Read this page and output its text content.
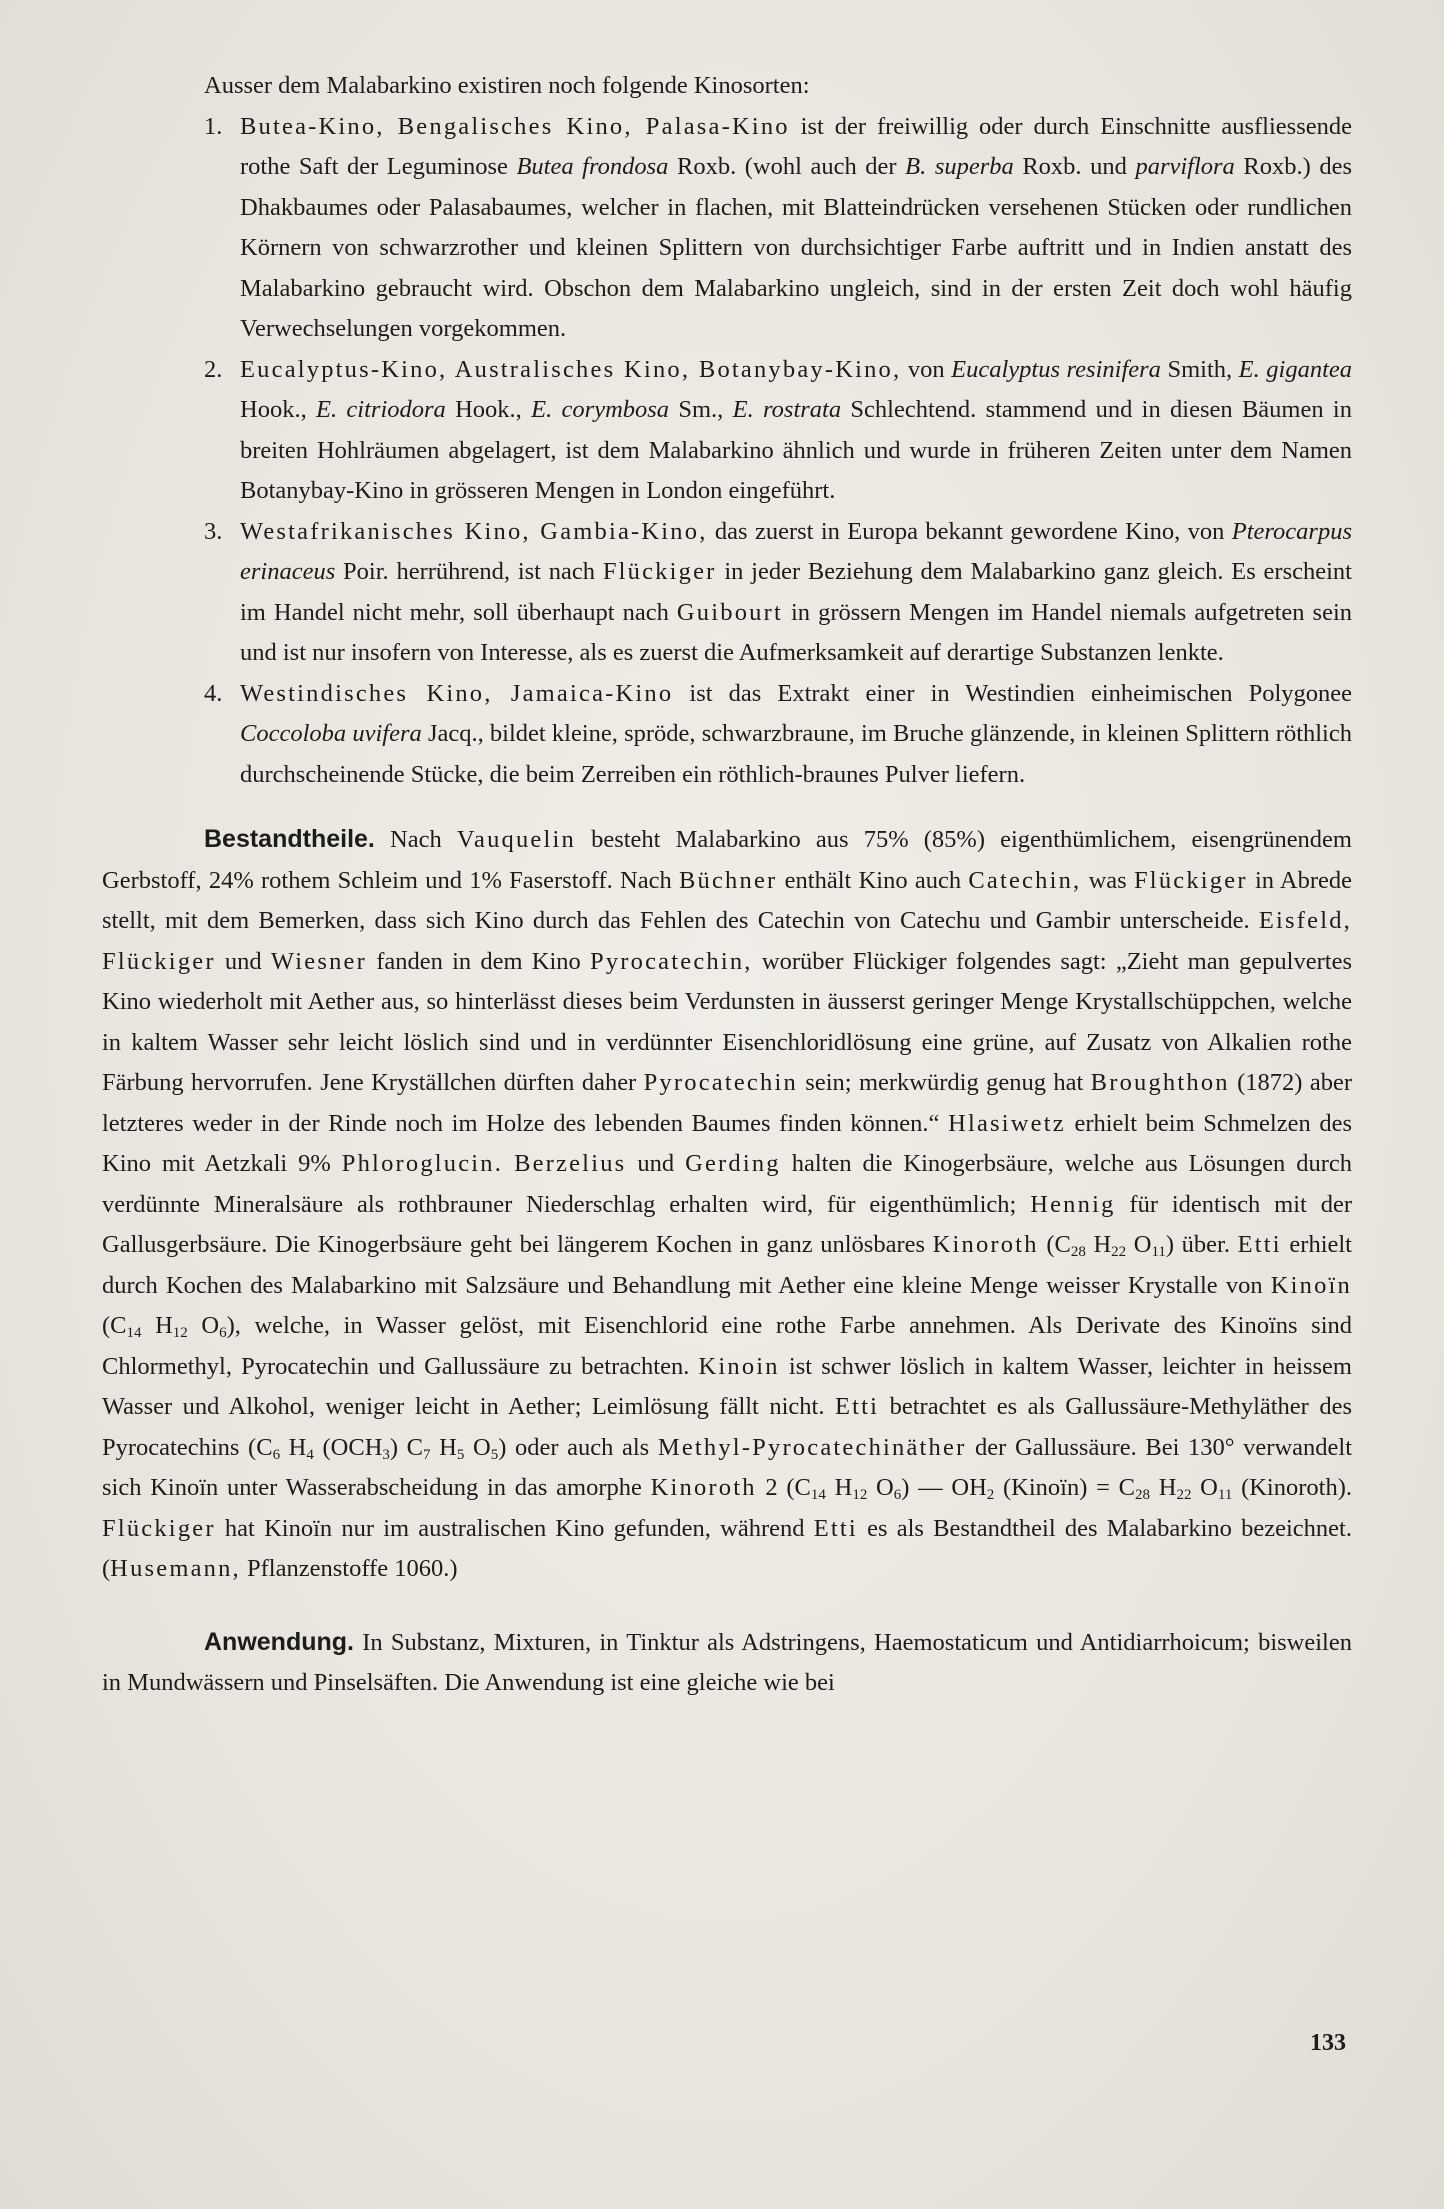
Ausser dem Malabarkino existiren noch folgende Kinosorten:

1. Butea-Kino, Bengalisches Kino, Palasa-Kino ist der freiwillig oder durch Einschnitte ausfliessende rothe Saft der Leguminose Butea frondosa Roxb. (wohl auch der B. superba Roxb. und parviflora Roxb.) des Dhakbaumes oder Palasabaumes, welcher in flachen, mit Blatteindrücken versehenen Stücken oder rundlichen Körnern von schwarzrother und kleinen Splittern von durchsichtiger Farbe auftritt und in Indien anstatt des Malabarkino gebraucht wird. Obschon dem Malabarkino ungleich, sind in der ersten Zeit doch wohl häufig Verwechselungen vorgekommen.
2. Eucalyptus-Kino, Australisches Kino, Botanybay-Kino, von Eucalyptus resinifera Smith, E. gigantea Hook., E. citriodora Hook., E. corymbosa Sm., E. rostrata Schlechtend. stammend und in diesen Bäumen in breiten Hohlräumen abgelagert, ist dem Malabarkino ähnlich und wurde in früheren Zeiten unter dem Namen Botanybay-Kino in grösseren Mengen in London eingeführt.
3. Westafrikanisches Kino, Gambia-Kino, das zuerst in Europa bekannt gewordene Kino, von Pterocarpus erinaceus Poir. herrührend, ist nach Flückiger in jeder Beziehung dem Malabarkino ganz gleich. Es erscheint im Handel nicht mehr, soll überhaupt nach Guibourt in grössern Mengen im Handel niemals aufgetreten sein und ist nur insofern von Interesse, als es zuerst die Aufmerksamkeit auf derartige Substanzen lenkte.
4. Westindisches Kino, Jamaica-Kino ist das Extrakt einer in Westindien einheimischen Polygonee Coccoloba uvifera Jacq., bildet kleine, spröde, schwarzbraune, im Bruche glänzende, in kleinen Splittern röthlich durchscheinende Stücke, die beim Zerreiben ein röthlich-braunes Pulver liefern.

Bestandtheile. Nach Vauquelin besteht Malabarkino aus 75% (85%) eigenthümlichem, eisengrünendem Gerbstoff, 24% rothem Schleim und 1% Faserstoff. Nach Büchner enthält Kino auch Catechin, was Flückiger in Abrede stellt, mit dem Bemerken, dass sich Kino durch das Fehlen des Catechin von Catechu und Gambir unterscheide. Eisfeld, Flückiger und Wiesner fanden in dem Kino Pyrocatechin, worüber Flückiger folgendes sagt: „Zieht man gepulvertes Kino wiederholt mit Aether aus, so hinterlässt dieses beim Verdunsten in äusserst geringer Menge Krystallschüppchen, welche in kaltem Wasser sehr leicht löslich sind und in verdünnter Eisenchloridlösung eine grüne, auf Zusatz von Alkalien rothe Färbung hervorrufen. Jene Kryställchen dürften daher Pyrocatechin sein; merkwürdig genug hat Broughthon (1872) aber letzteres weder in der Rinde noch im Holze des lebenden Baumes finden können.“ Hlasiwetz erhielt beim Schmelzen des Kino mit Aetzkali 9% Phloroglucin. Berzelius und Gerding halten die Kinogerbsäure, welche aus Lösungen durch verdünnte Mineralsäure als rothbrauner Niederschlag erhalten wird, für eigenthümlich; Hennig für identisch mit der Gallusgerbsäure. Die Kinogerbsäure geht bei längerem Kochen in ganz unlösbares Kinoroth ($C_{28}$ $H_{22}$ $O_{11}$) über. Etti erhielt durch Kochen des Malabarkino mit Salzsäure und Behandlung mit Aether eine kleine Menge weisser Krystalle von Kinoïn ($C_{14}$ $H_{12}$ $O_6$), welche, in Wasser gelöst, mit Eisenchlorid eine rothe Farbe annehmen. Als Derivate des Kinoïns sind Chlormethyl, Pyrocatechin und Gallussäure zu betrachten. Kinoin ist schwer löslich in kaltem Wasser, leichter in heissem Wasser und Alkohol, weniger leicht in Aether; Leimlösung fällt nicht. Etti betrachtet es als Gallussäure-Methyläther des Pyrocatechins ($C_6$ $H_4$ $(OCH_3)$ $C_7$ $H_5$ $O_5$) oder auch als Methyl-Pyrocatechinäther der Gallussäure. Bei 130° verwandelt sich Kinoïn unter Wasserabscheidung in das amorphe Kinoroth 2 ($C_{14}$ $H_{12}$ $O_6$) — $OH_2$ (Kinoïn) = $C_{28}$ $H_{22}$ $O_{11}$ (Kinoroth). Flückiger hat Kinoïn nur im australischen Kino gefunden, während Etti es als Bestandtheil des Malabarkino bezeichnet. (Husemann, Pflanzenstoffe 1060.)

Anwendung. In Substanz, Mixturen, in Tinktur als Adstringens, Haemostaticum und Antidiarrhoicum; bisweilen in Mundwässern und Pinselsäften. Die Anwendung ist eine gleiche wie bei

133
